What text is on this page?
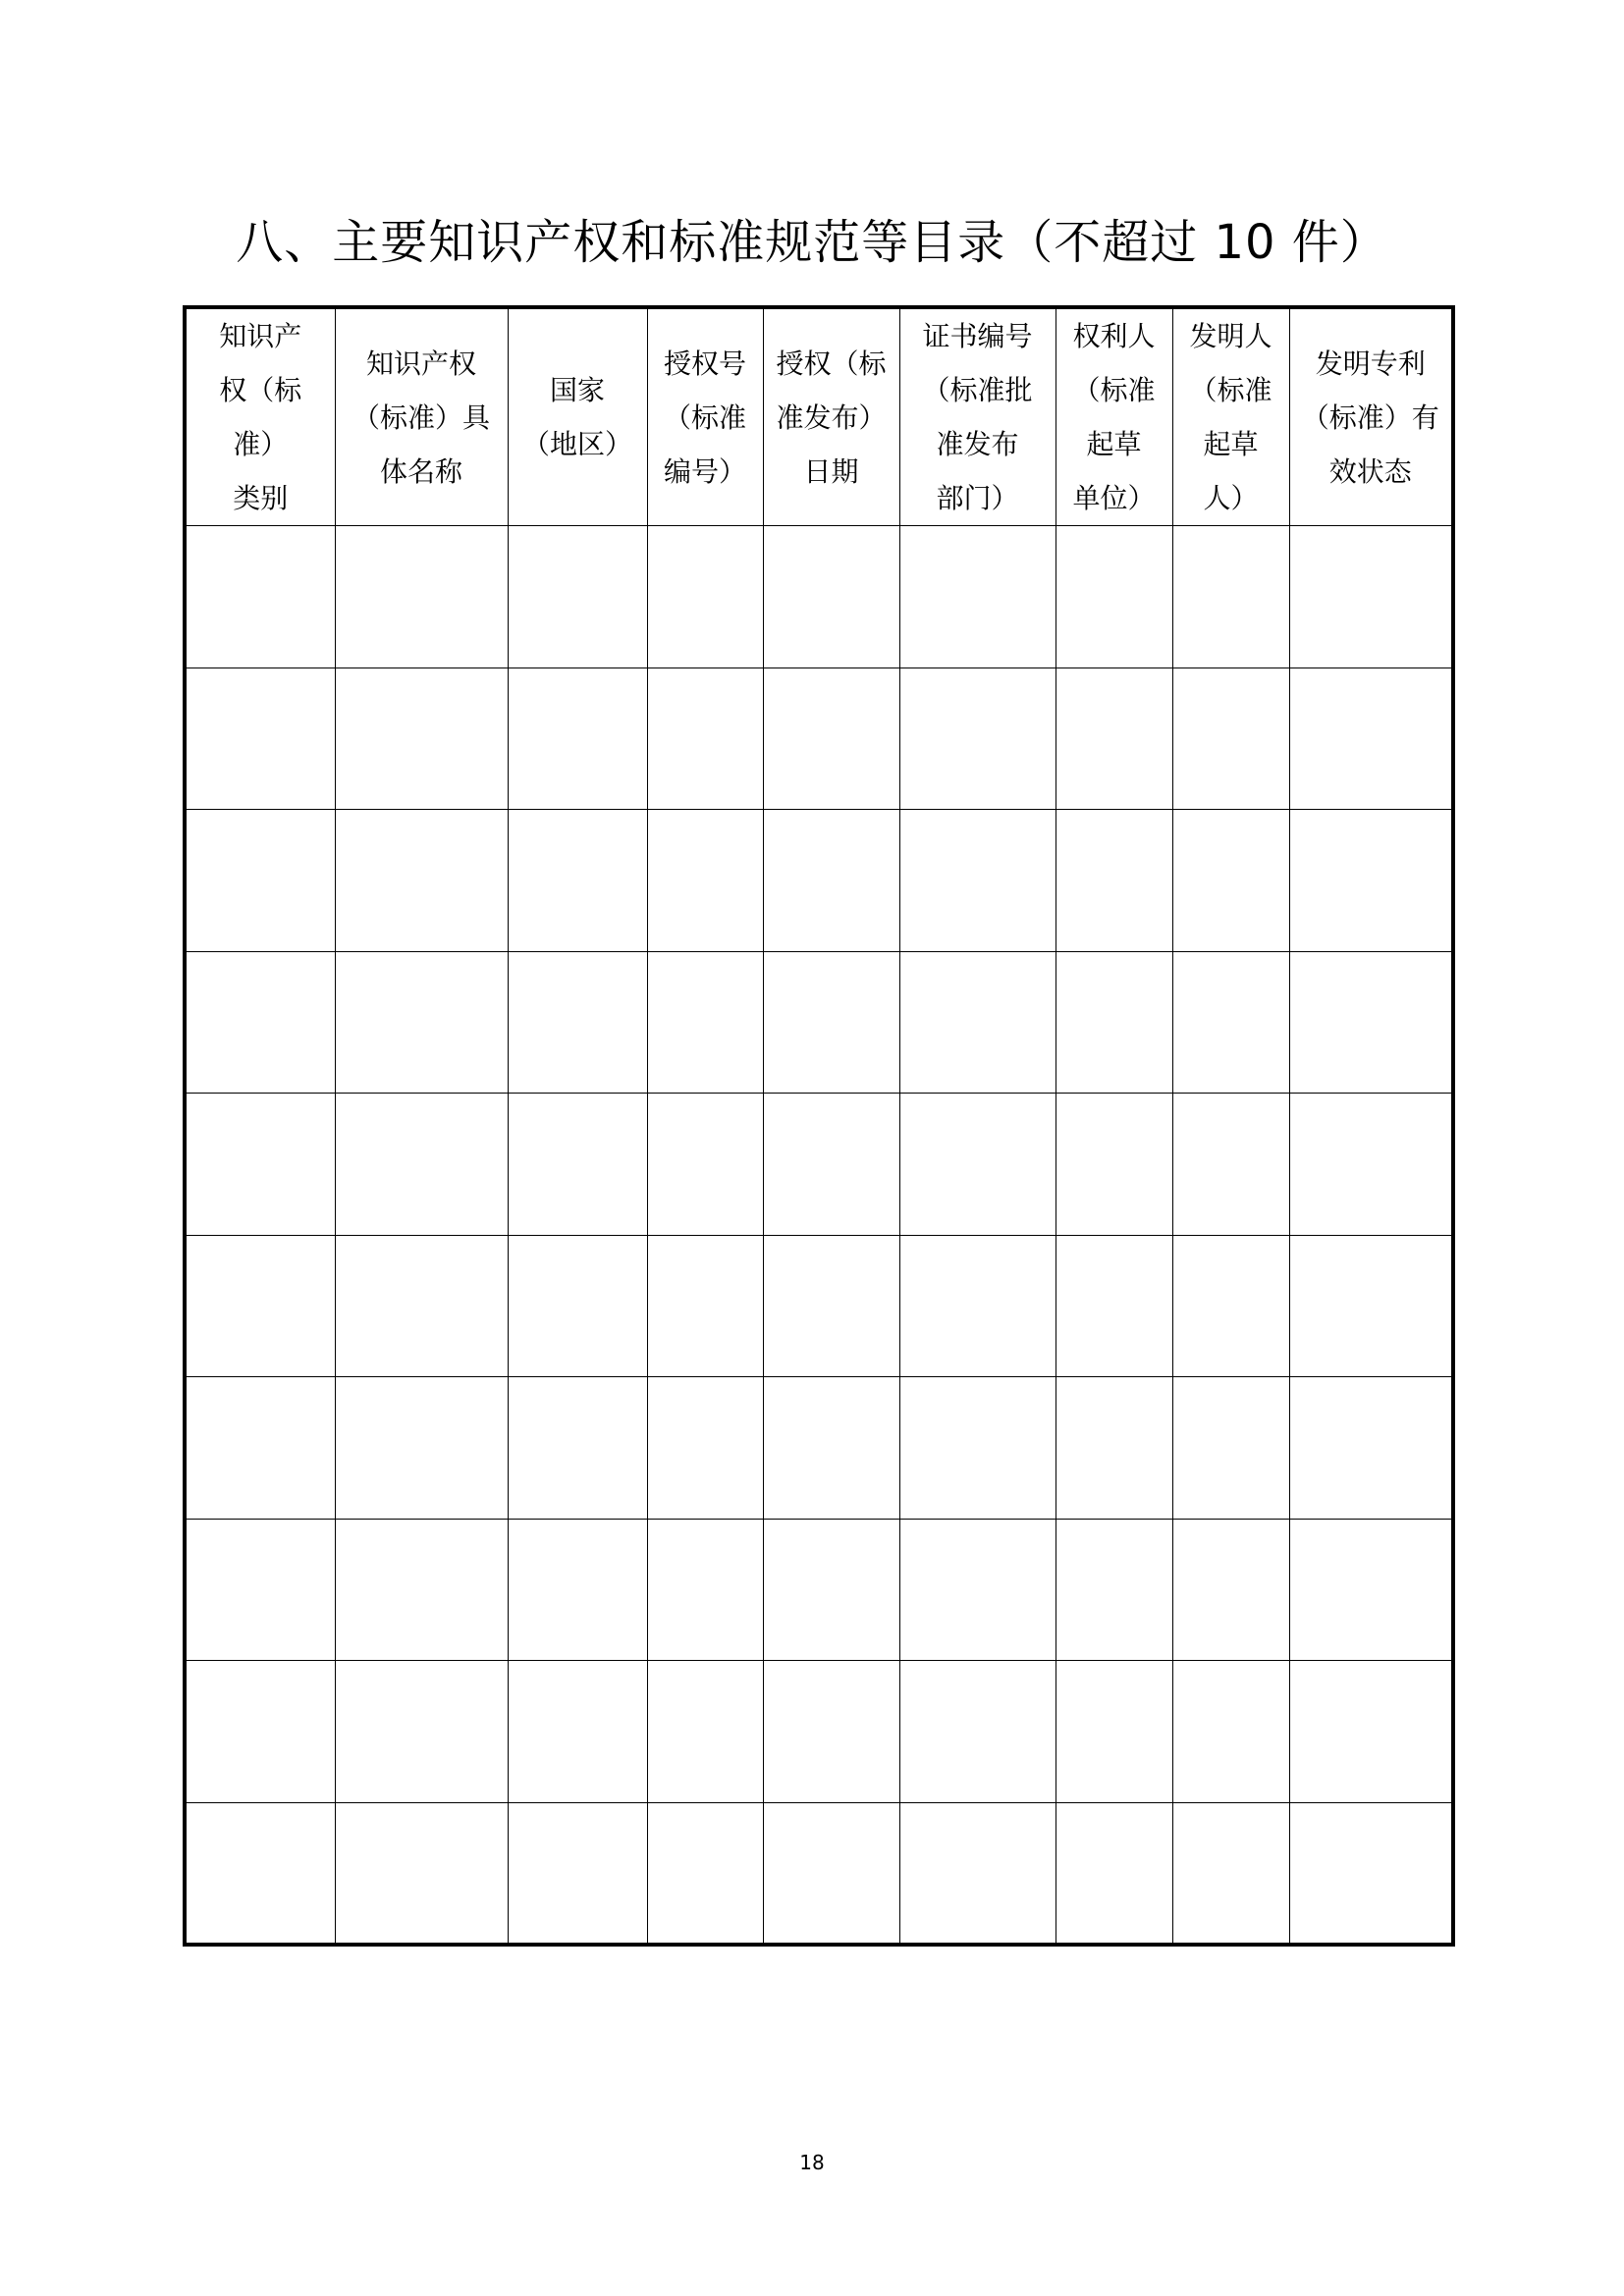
八、主要知识产权和标准规范等目录（不超过 10 件）
知识产
权（标准）
类别	知识产权
（标准）具
体名称	国家
（地区）	授权号
（标准
编号）	授权（标
准发布）
日期	证书编号
（标准批
准发布
部门）	权利人
（标准
起草
单位）	发明人
（标准
起草
人）	发明专利
（标准）有
效状态

18
